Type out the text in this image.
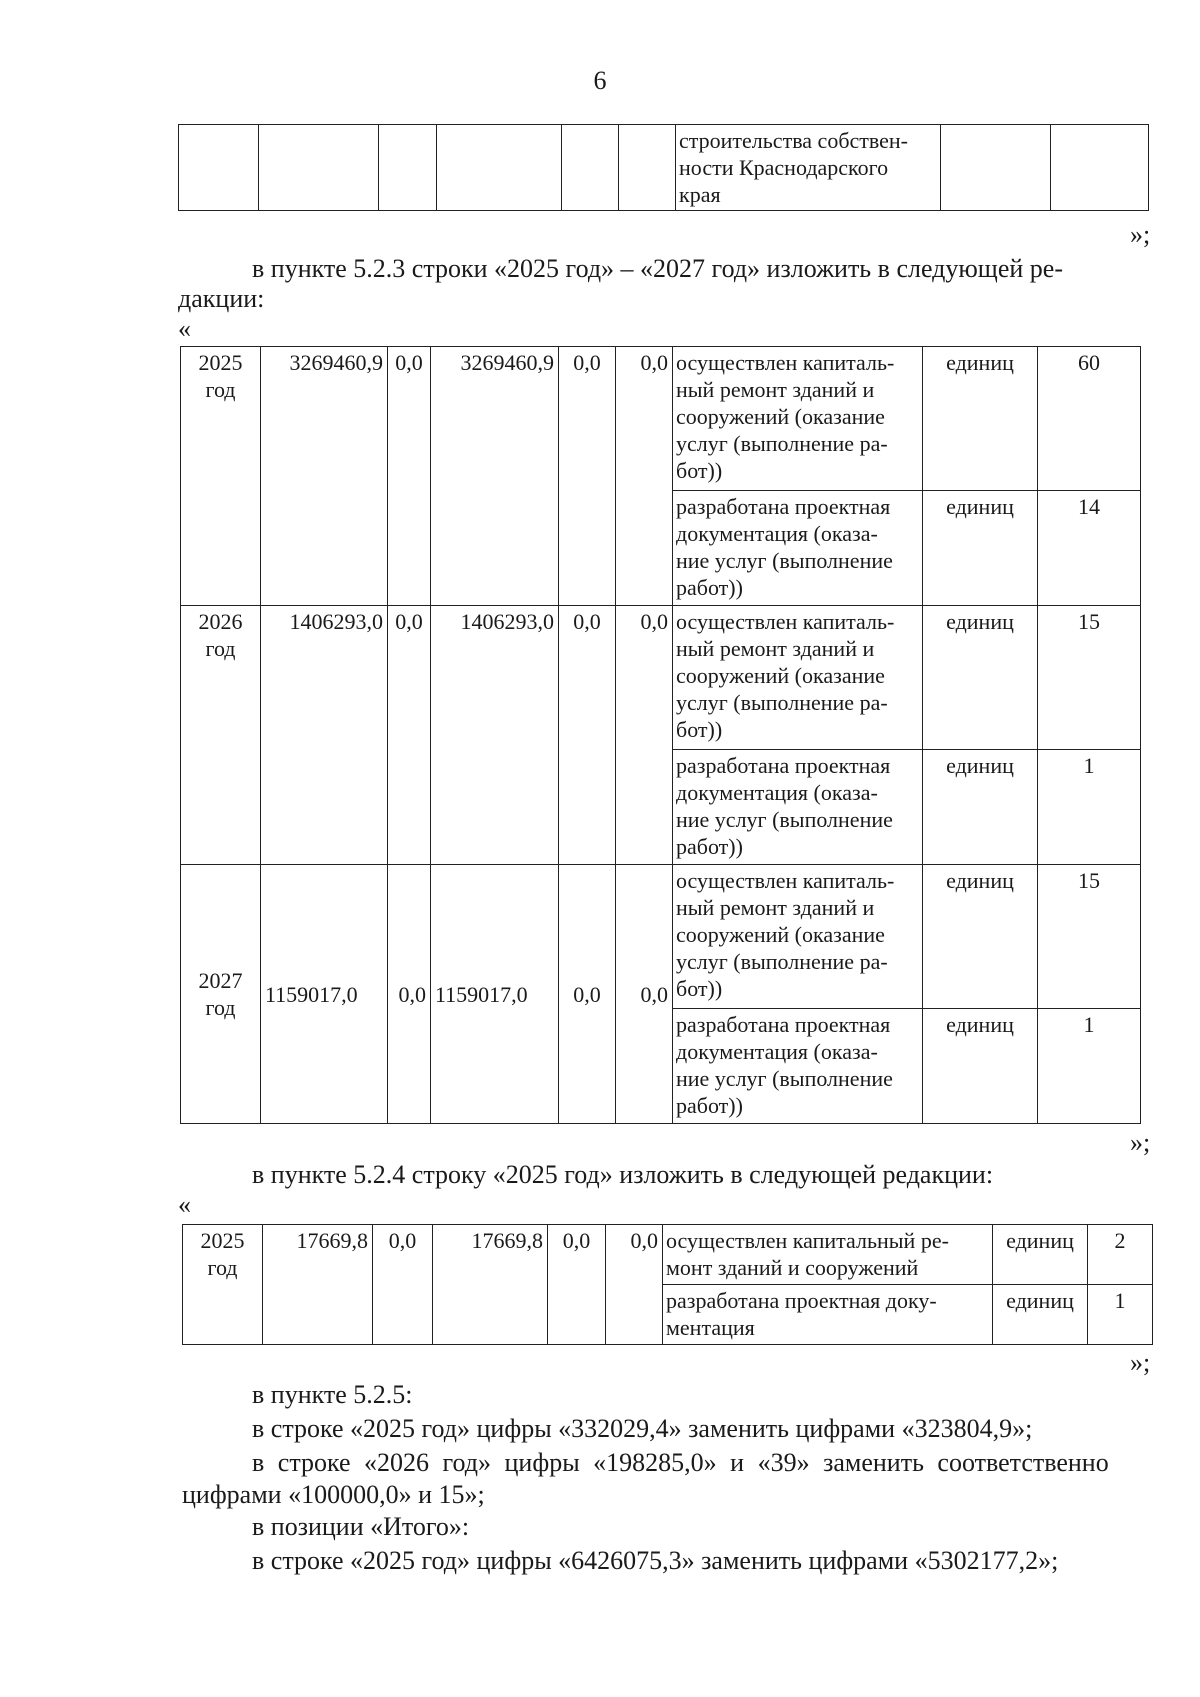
6
						строительства собствен-
ности Краснодарского
края		
»;
в пункте 5.2.3 строки «2025 год» – «2027 год» изложить в следующей ре-
дакции:
«
2025
год	3269460,9	0,0	3269460,9	0,0	0,0	осуществлен капиталь-
ный ремонт зданий и
сооружений (оказание
услуг (выполнение ра-
бот))	единиц	60
						разработана проектная
документация (оказа-
ние услуг (выполнение
работ))	единиц	14
2026
год	1406293,0	0,0	1406293,0	0,0	0,0	осуществлен капиталь-
ный ремонт зданий и
сооружений (оказание
услуг (выполнение ра-
бот))	единиц	15
						разработана проектная
документация (оказа-
ние услуг (выполнение
работ))	единиц	1
2027
год	1159017,0	0,0	1159017,0	0,0	0,0	осуществлен капиталь-
ный ремонт зданий и
сооружений (оказание
услуг (выполнение ра-
бот))	единиц	15
						разработана проектная
документация (оказа-
ние услуг (выполнение
работ))	единиц	1
»;
в пункте 5.2.4 строку «2025 год» изложить в следующей редакции:
«
2025
год	17669,8	0,0	17669,8	0,0	0,0	осуществлен капитальный ре-
монт зданий и сооружений	единиц	2
						разработана проектная доку-
ментация	единиц	1
»;
в пункте 5.2.5:
в строке «2025 год» цифры «332029,4» заменить цифрами «323804,9»;
в строке «2026 год» цифры «198285,0» и «39» заменить соответственно
цифрами «100000,0» и 15»;
в позиции «Итого»:
в строке «2025 год» цифры «6426075,3» заменить цифрами «5302177,2»;
